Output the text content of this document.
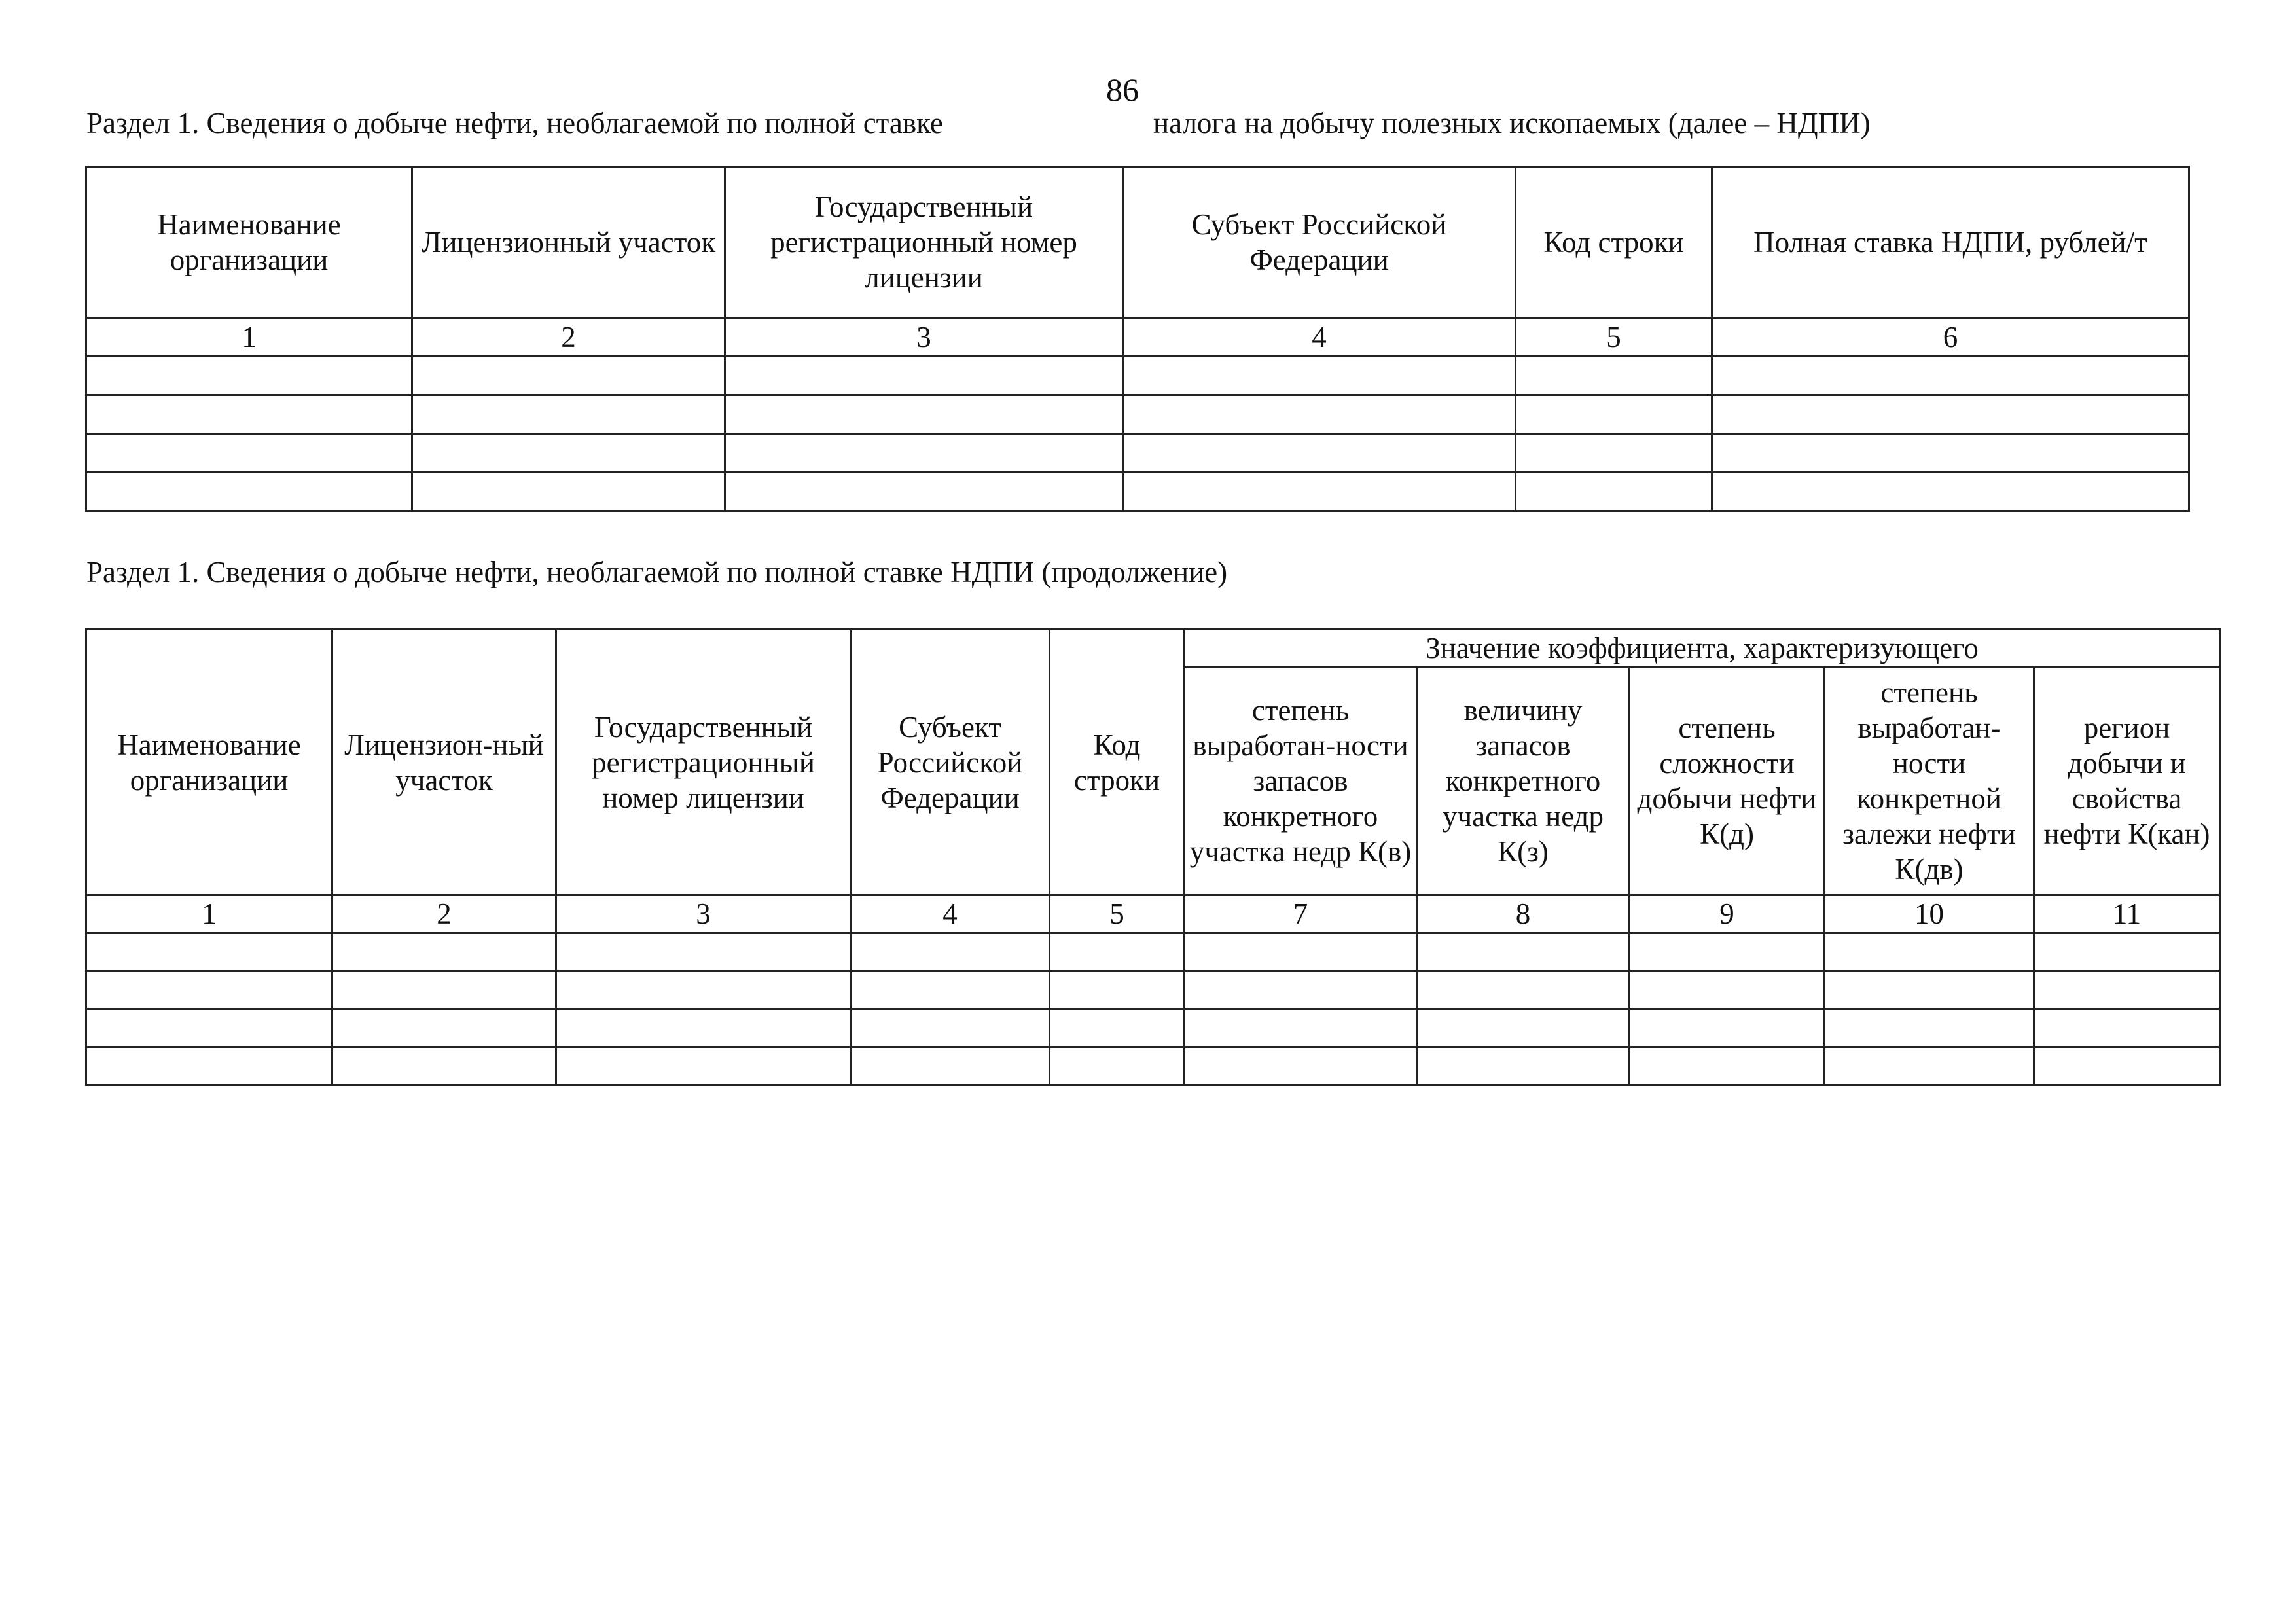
86
Раздел 1. Сведения о добыче нефти, необлагаемой по полной ставке	налога на добычу полезных ископаемых (далее – НДПИ)
Наименование организации	Лицензионный участок	Государственный регистрационный номер лицензии	Субъект Российской Федерации	Код строки	Полная ставка НДПИ, рублей/т
1	2	3	4	5	6

Раздел 1. Сведения о добыче нефти, необлагаемой по полной ставке НДПИ (продолжение)
Наименование организации	Лицензион-ный участок	Государственный регистрационный номер лицензии	Субъект Российской Федерации	Код строки	Значение коэффициента, характеризующего				
					степень выработан-ности запасов конкретного участка недр К(в)	величину запасов конкретного участка недр К(з)	степень сложности добычи нефти К(д)	степень выработан-ности конкретной залежи нефти К(дв)	регион добычи и свойства нефти К(кан)
1	2	3	4	5	7	8	9	10	11
